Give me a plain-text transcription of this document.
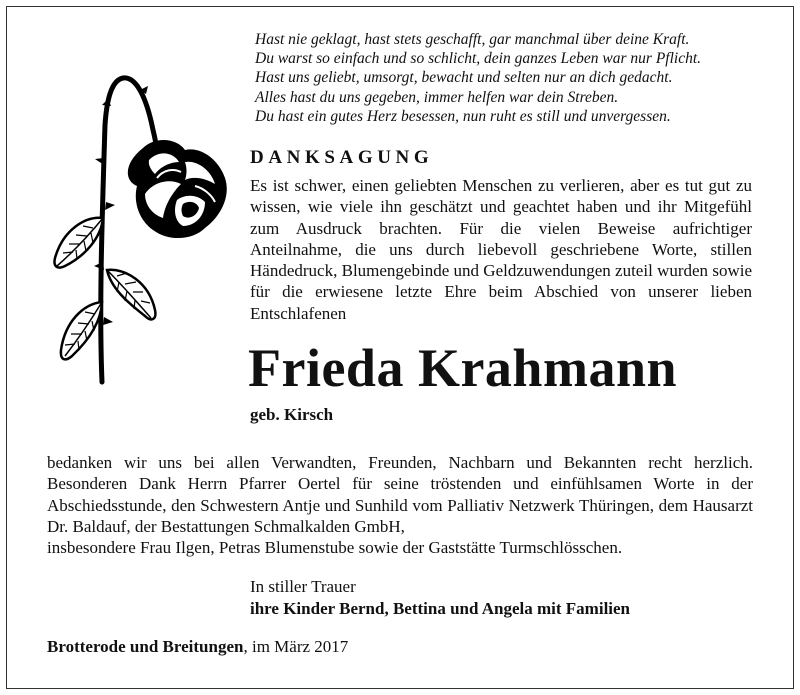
Hast nie geklagt, hast stets geschafft, gar manchmal über deine Kraft.
Du warst so einfach und so schlicht, dein ganzes Leben war nur Pflicht.
Hast uns geliebt, umsorgt, bewacht und selten nur an dich gedacht.
Alles hast du uns gegeben, immer helfen war dein Streben.
Du hast ein gutes Herz besessen, nun ruht es still und unvergessen.
DANKSAGUNG
Es ist schwer, einen geliebten Menschen zu verlieren, aber es tut gut zu wissen, wie viele ihn geschätzt und geachtet haben und ihr Mitgefühl zum Ausdruck brachten. Für die vielen Beweise aufrichtiger Anteilnahme, die uns durch liebevoll geschriebene Worte, stillen Händedruck, Blumengebinde und Geldzuwendungen zuteil wurden sowie für die erwiesene letzte Ehre beim Abschied von unserer lieben Entschlafenen
Frieda Krahmann
geb. Kirsch
bedanken wir uns bei allen Verwandten, Freunden, Nachbarn und Bekannten recht herzlich. Besonderen Dank Herrn Pfarrer Oertel für seine tröstenden und einfühlsamen Worte in der Abschiedsstunde, den Schwestern Antje und Sunhild vom Palliativ Netzwerk Thüringen, dem Hausarzt Dr. Baldauf, der Bestattungen Schmalkalden GmbH,
insbesondere Frau Ilgen, Petras Blumenstube sowie der Gaststätte Turmschlösschen.
In stiller Trauer
ihre Kinder Bernd, Bettina und Angela mit Familien
Brotterode und Breitungen, im März 2017
